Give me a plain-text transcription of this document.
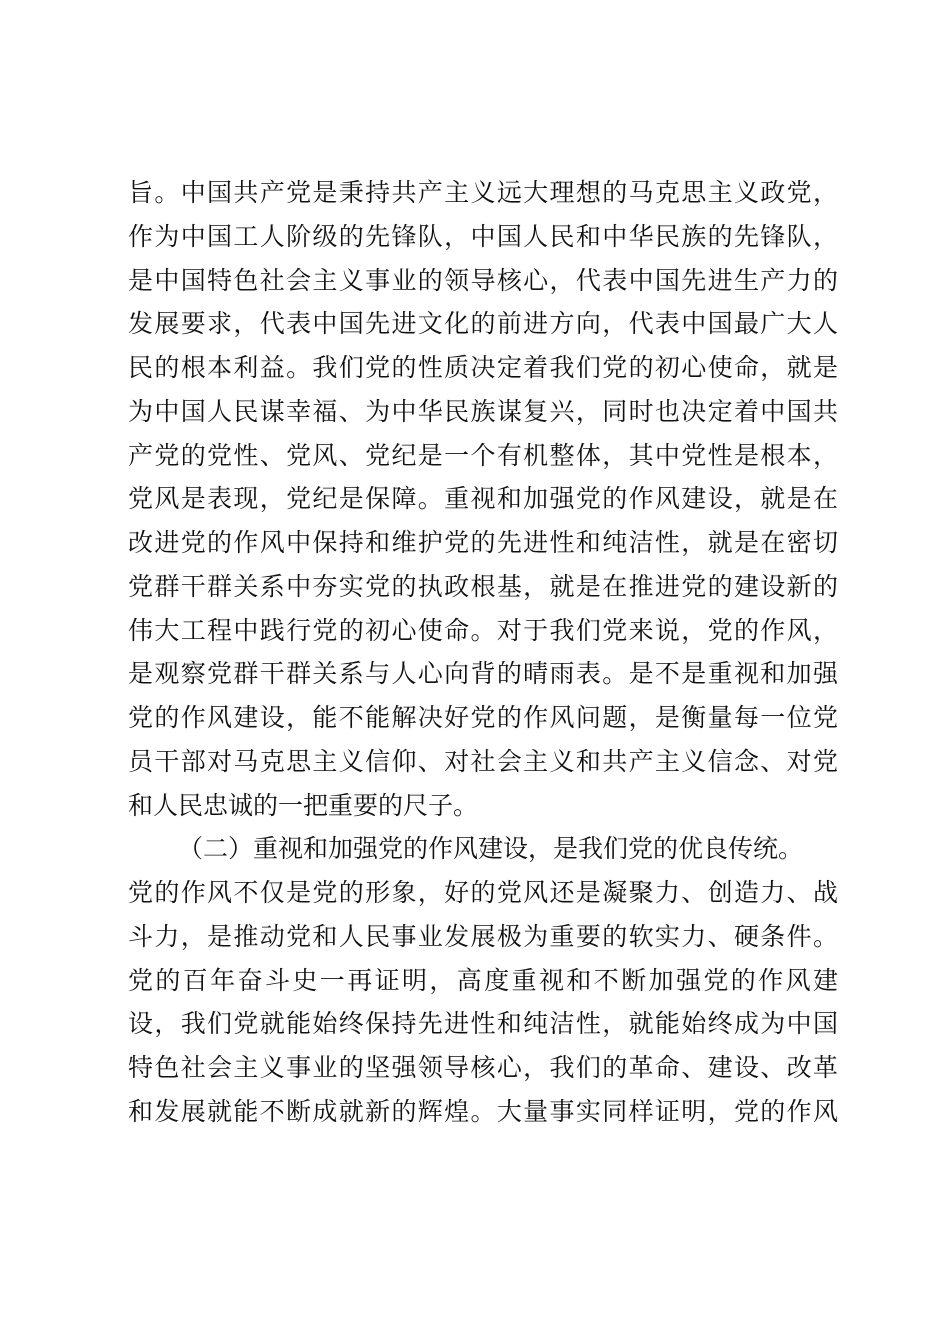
旨。中国共产党是秉持共产主义远大理想的马克思主义政党，
作为中国工人阶级的先锋队，中国人民和中华民族的先锋队，
是中国特色社会主义事业的领导核心，代表中国先进生产力的
发展要求，代表中国先进文化的前进方向，代表中国最广大人
民的根本利益。我们党的性质决定着我们党的初心使命，就是
为中国人民谋幸福、为中华民族谋复兴，同时也决定着中国共
产党的党性、党风、党纪是一个有机整体，其中党性是根本，
党风是表现，党纪是保障。重视和加强党的作风建设，就是在
改进党的作风中保持和维护党的先进性和纯洁性，就是在密切
党群干群关系中夯实党的执政根基，就是在推进党的建设新的
伟大工程中践行党的初心使命。对于我们党来说，党的作风，
是观察党群干群关系与人心向背的晴雨表。是不是重视和加强
党的作风建设，能不能解决好党的作风问题，是衡量每一位党
员干部对马克思主义信仰、对社会主义和共产主义信念、对党
和人民忠诚的一把重要的尺子。
（二）重视和加强党的作风建设，是我们党的优良传统。
党的作风不仅是党的形象，好的党风还是凝聚力、创造力、战
斗力，是推动党和人民事业发展极为重要的软实力、硬条件。
党的百年奋斗史一再证明，高度重视和不断加强党的作风建
设，我们党就能始终保持先进性和纯洁性，就能始终成为中国
特色社会主义事业的坚强领导核心，我们的革命、建设、改革
和发展就能不断成就新的辉煌。大量事实同样证明，党的作风
